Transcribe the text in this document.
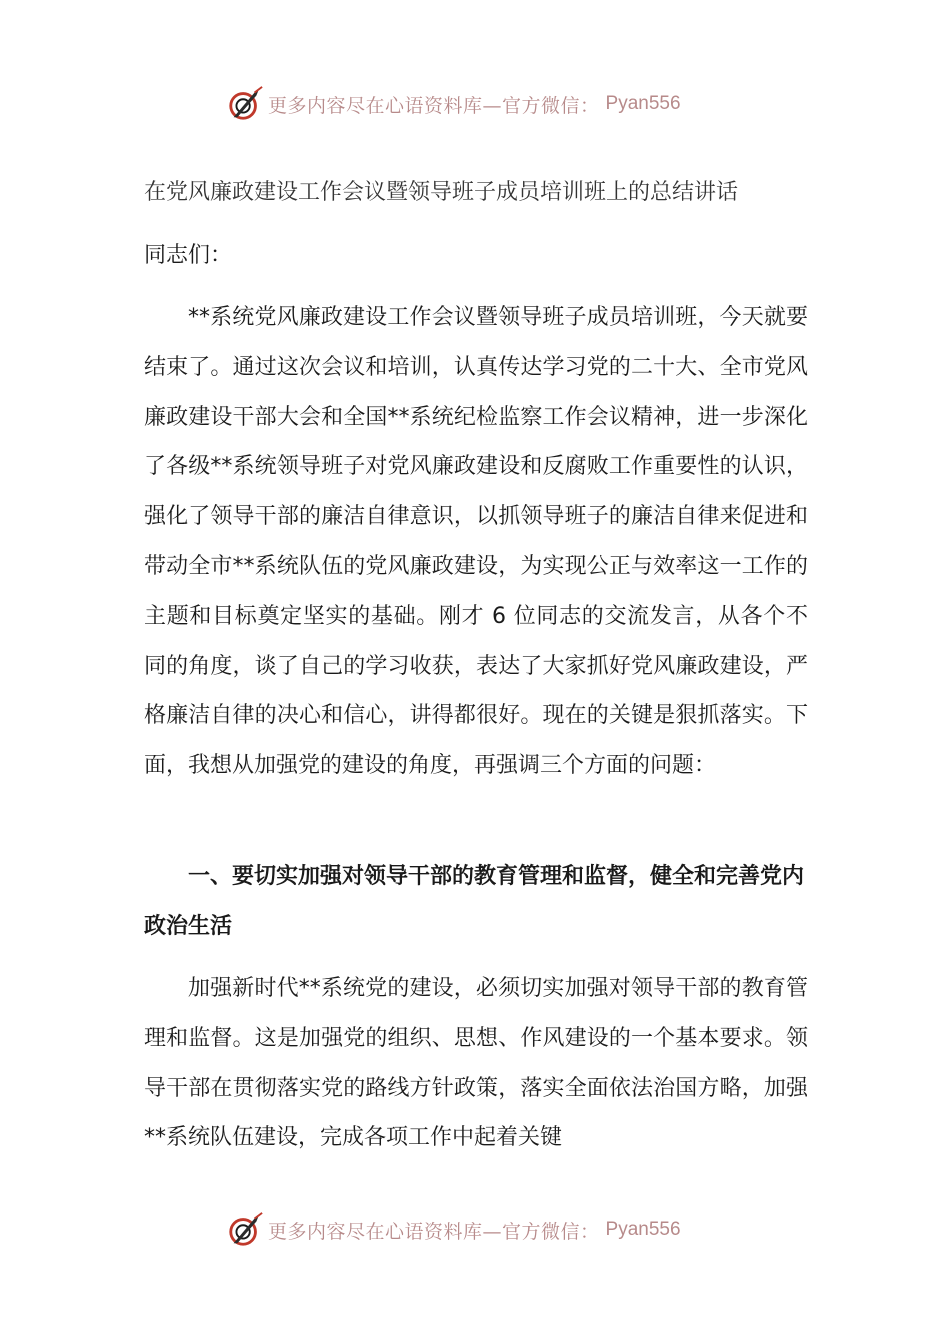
更多内容尽在心语资料库—官方微信： Pyan556
在党风廉政建设工作会议暨领导班子成员培训班上的总结讲话
同志们：

**系统党风廉政建设工作会议暨领导班子成员培训班，今天就要结束了。通过这次会议和培训，认真传达学习党的二十大、全市党风廉政建设干部大会和全国**系统纪检监察工作会议精神，进一步深化了各级**系统领导班子对党风廉政建设和反腐败工作重要性的认识，强化了领导干部的廉洁自律意识，以抓领导班子的廉洁自律来促进和带动全市**系统队伍的党风廉政建设，为实现公正与效率这一工作的主题和目标奠定坚实的基础。刚才 6 位同志的交流发言，从各个不同的角度，谈了自己的学习收获，表达了大家抓好党风廉政建设，严格廉洁自律的决心和信心，讲得都很好。现在的关键是狠抓落实。下面，我想从加强党的建设的角度，再强调三个方面的问题：

一、要切实加强对领导干部的教育管理和监督，健全和完善党内政治生活

加强新时代**系统党的建设，必须切实加强对领导干部的教育管理和监督。这是加强党的组织、思想、作风建设的一个基本要求。领导干部在贯彻落实党的路线方针政策，落实全面依法治国方略，加强**系统队伍建设，完成各项工作中起着关键

更多内容尽在心语资料库—官方微信： Pyan556
